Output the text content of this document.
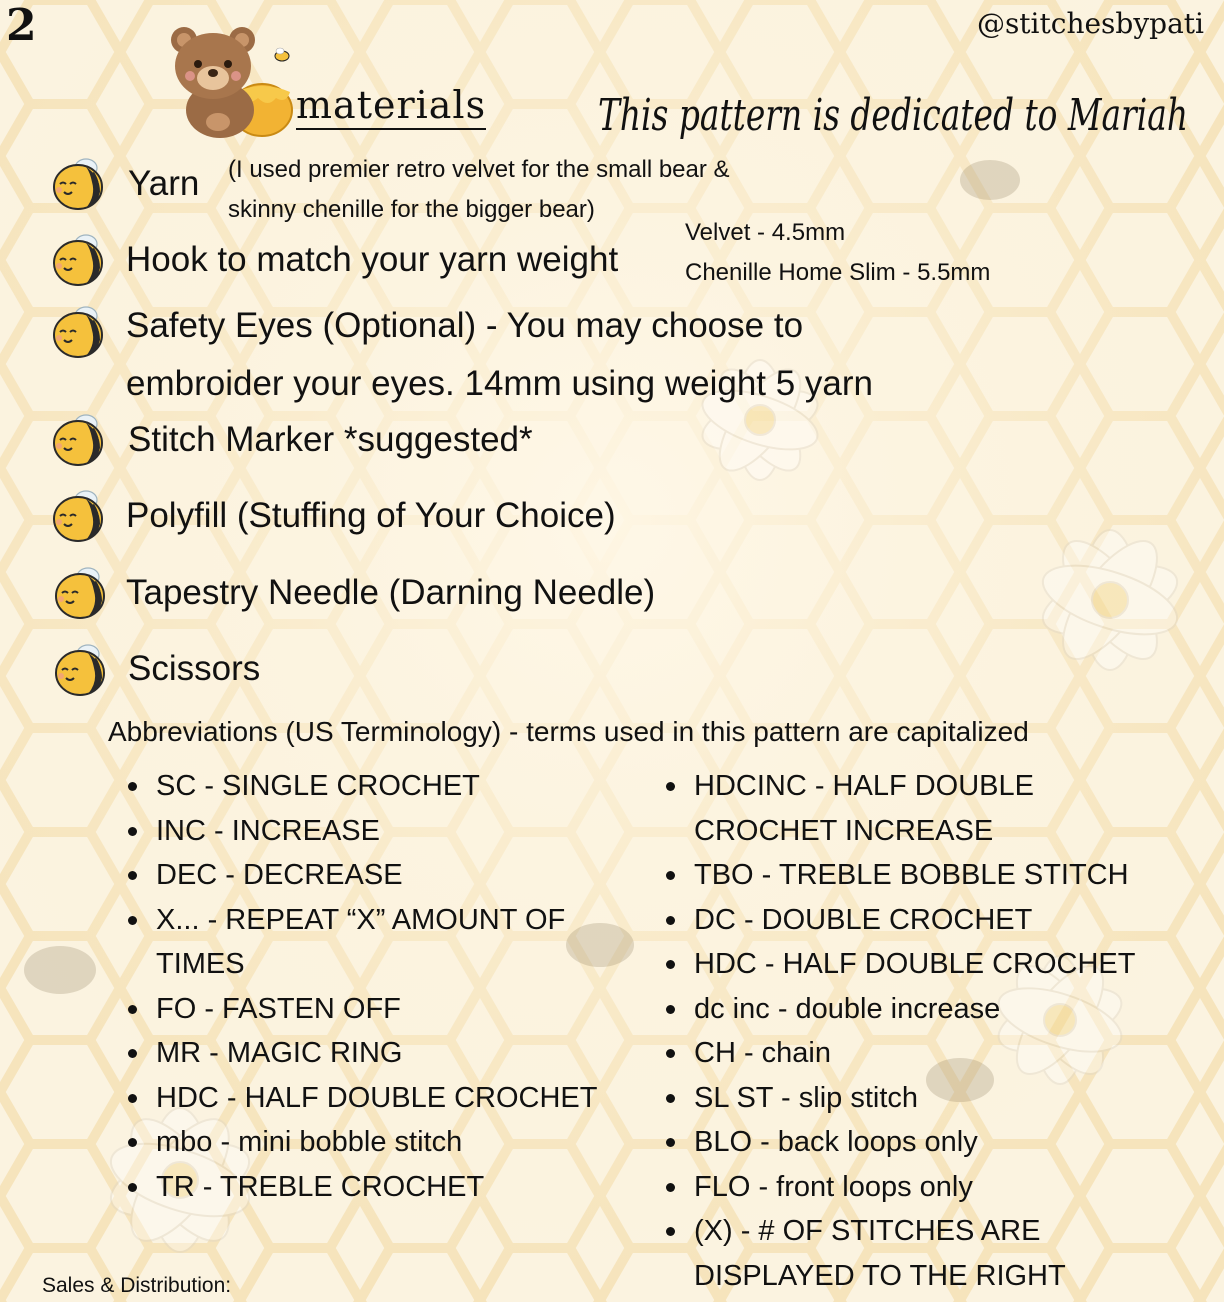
2	@stitchesbypati
materials	This pattern is dedicated to Mariah
Yarn (I used premier retro velvet for the small bear &
skinny chenille for the bigger bear)
Hook to match your yarn weight
Velvet - 4.5mm
Chenille Home Slim - 5.5mm
Safety Eyes (Optional) - You may choose to
embroider your eyes. 14mm using weight 5 yarn
Stitch Marker *suggested*
Polyfill (Stuffing of Your Choice)
Tapestry Needle (Darning Needle)
Scissors
Abbreviations (US Terminology) - terms used in this pattern are capitalized
SC - SINGLE CROCHET
INC - INCREASE
DEC - DECREASE
X... - REPEAT “X” AMOUNT OF
TIMES
FO - FASTEN OFF
MR - MAGIC RING
HDC - HALF DOUBLE CROCHET
mbo - mini bobble stitch
TR - TREBLE CROCHET
HDCINC - HALF DOUBLE
CROCHET INCREASE
TBO - TREBLE BOBBLE STITCH
DC - DOUBLE CROCHET
HDC - HALF DOUBLE CROCHET
dc inc - double increase
CH - chain
SL ST - slip stitch
BLO - back loops only
FLO - front loops only
(X) - # OF STITCHES ARE
DISPLAYED TO THE RIGHT
Sales & Distribution:
